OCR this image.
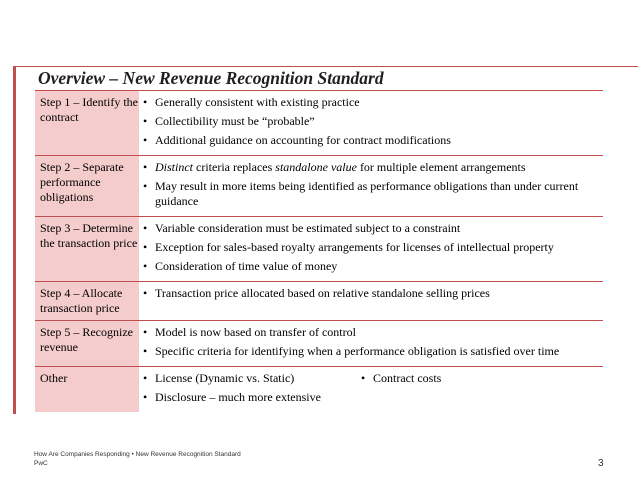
Overview – New Revenue Recognition Standard
Step 1 – Identify the contract
• Generally consistent with existing practice
• Collectibility must be “probable”
• Additional guidance on accounting for contract modifications
Step 2 – Separate performance obligations
• Distinct criteria replaces standalone value for multiple element arrangements
• May result in more items being identified as performance obligations than under current guidance
Step 3 – Determine the transaction price
• Variable consideration must be estimated subject to a constraint
• Exception for sales-based royalty arrangements for licenses of intellectual property
• Consideration of time value of money
Step 4 – Allocate transaction price
• Transaction price allocated based on relative standalone selling prices
Step 5 – Recognize revenue
• Model is now based on transfer of control
• Specific criteria for identifying when a performance obligation is satisfied over time
Other	• License (Dynamic vs. Static)
• Disclosure – much more extensive
• Contract costs
How Are Companies Responding • New Revenue Recognition Standard
PwC	3
